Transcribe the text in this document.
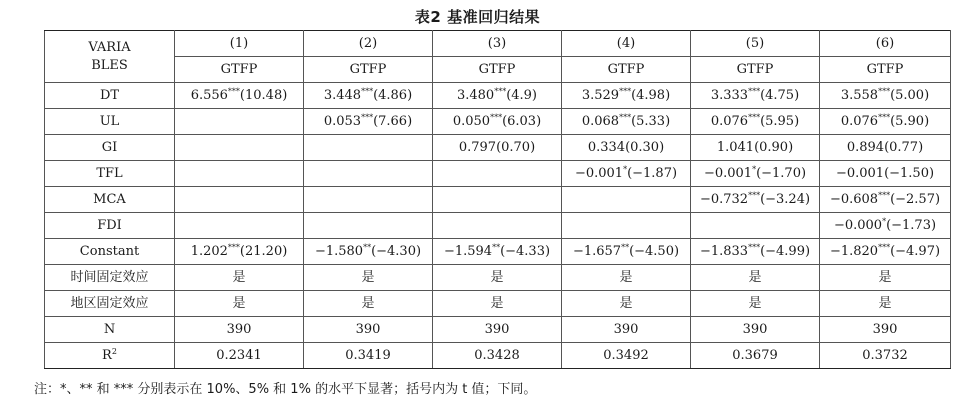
表2 基准回归结果
VARIA
BLES	(1)	(2)	(3)	(4)	(5)	(6)
	GTFP	GTFP	GTFP	GTFP	GTFP	GTFP
DT	6.556***(10.48)	3.448***(4.86)	3.480***(4.9)	3.529***(4.98)	3.333***(4.75)	3.558***(5.00)
UL		0.053***(7.66)	0.050***(6.03)	0.068***(5.33)	0.076***(5.95)	0.076***(5.90)
GI			0.797(0.70)	0.334(0.30)	1.041(0.90)	0.894(0.77)
TFL				−0.001*(−1.87)	−0.001*(−1.70)	−0.001(−1.50)
MCA					−0.732***(−3.24)	−0.608***(−2.57)
FDI						−0.000*(−1.73)
Constant	1.202***(21.20)	−1.580**(−4.30)	−1.594**(−4.33)	−1.657**(−4.50)	−1.833***(−4.99)	−1.820***(−4.97)
时间固定效应	是	是	是	是	是	是
地区固定效应	是	是	是	是	是	是
N	390	390	390	390	390	390
$R^2$	0.2341	0.3419	0.3428	0.3492	0.3679	0.3732
注：*、** 和 *** 分别表示在 10%、5% 和 1% 的水平下显著；括号内为 t 值；下同。
